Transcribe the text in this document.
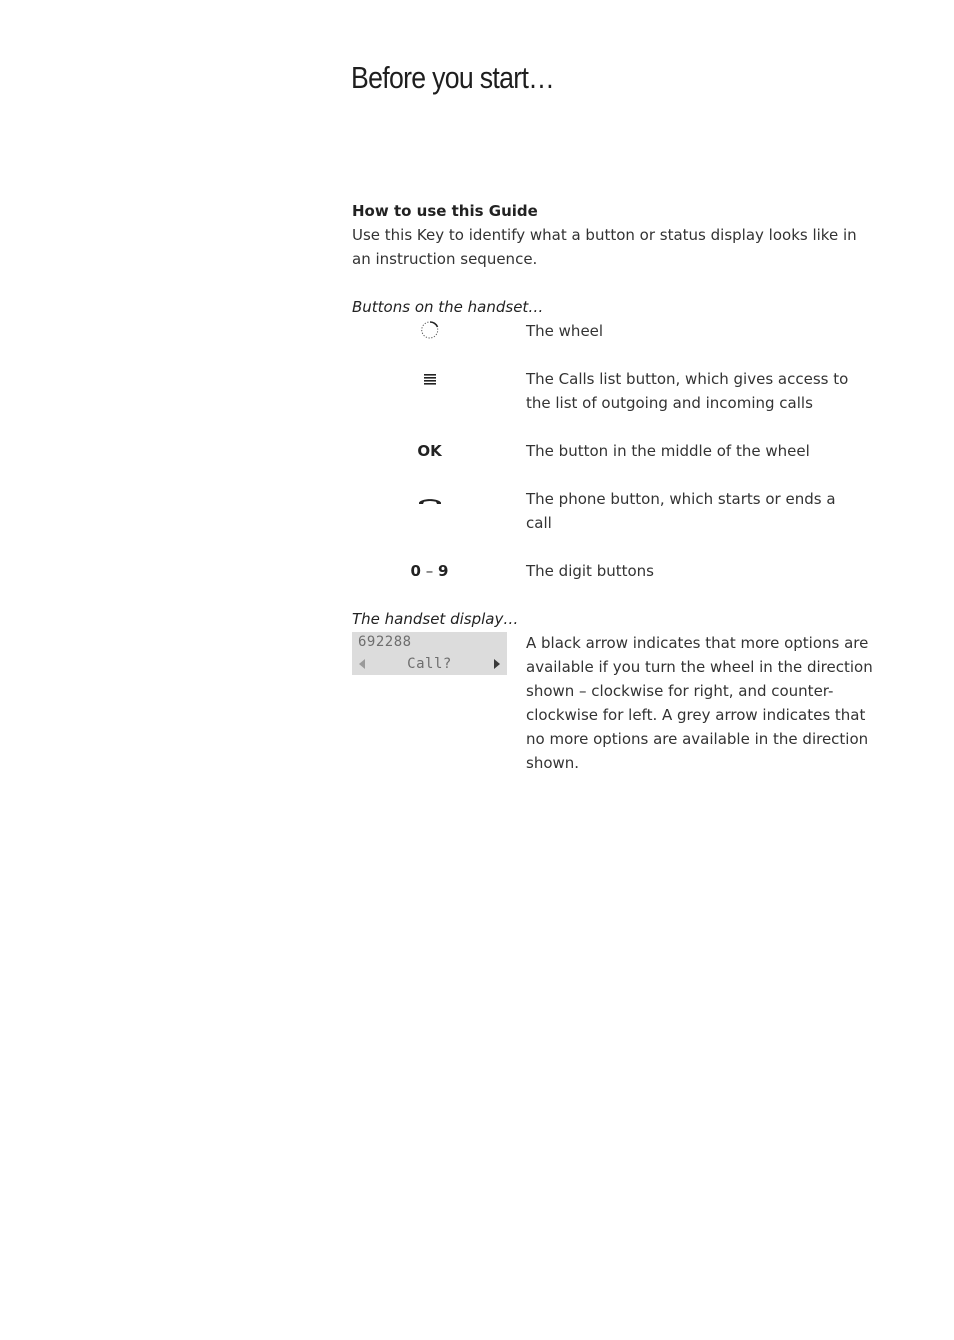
Before you start…

How to use this Guide

Use this Key to identify what a button or status display looks like in an instruction sequence.

Buttons on the handset…

The wheel
The Calls list button, which gives access to the list of outgoing and incoming calls
OK	The button in the middle of the wheel
The phone button, which starts or ends a call
0 – 9	The digit buttons

The handset display…

692288
Call?
A black arrow indicates that more options are available if you turn the wheel in the direction shown – clockwise for right, and counter-clockwise for left. A grey arrow indicates that no more options are available in the direction shown.
